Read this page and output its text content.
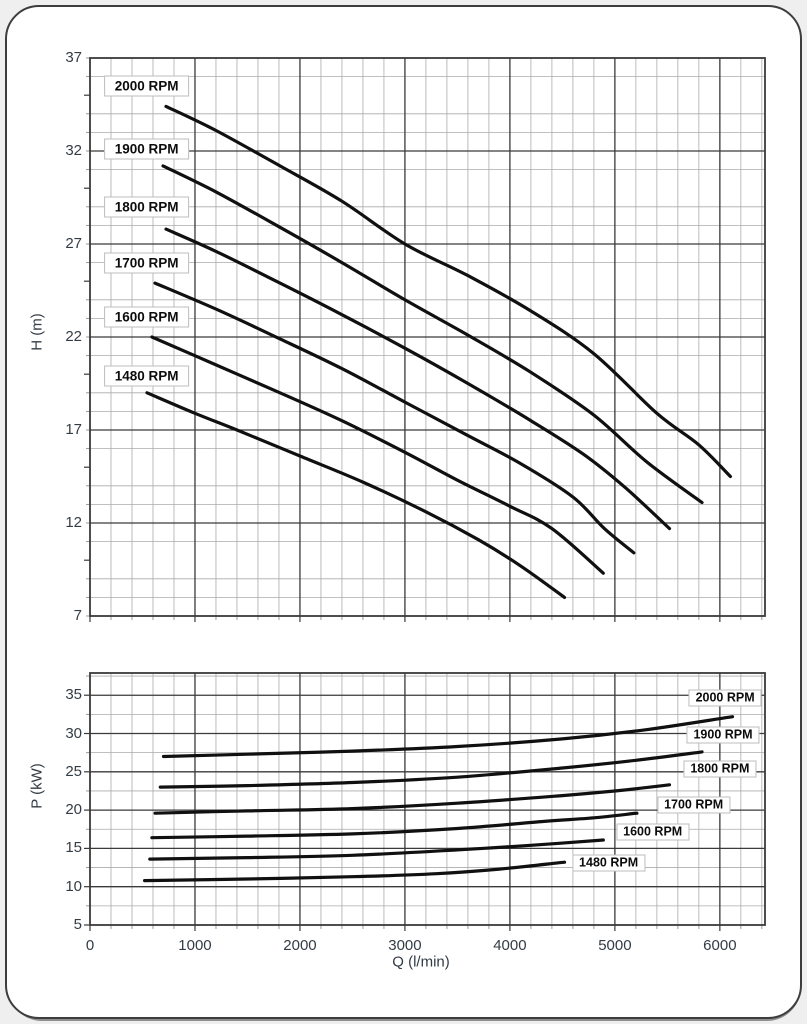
H (m)
P (kW)
Q (l/min)
7
12
17
22
27
32
37
2000 RPM
1900 RPM
1800 RPM
1700 RPM
1600 RPM
1480 RPM
5
10
15
20
25
30
35
0	1000	2000	3000	4000	5000	6000
2000 RPM
1900 RPM
1800 RPM
1700 RPM
1600 RPM
1480 RPM
